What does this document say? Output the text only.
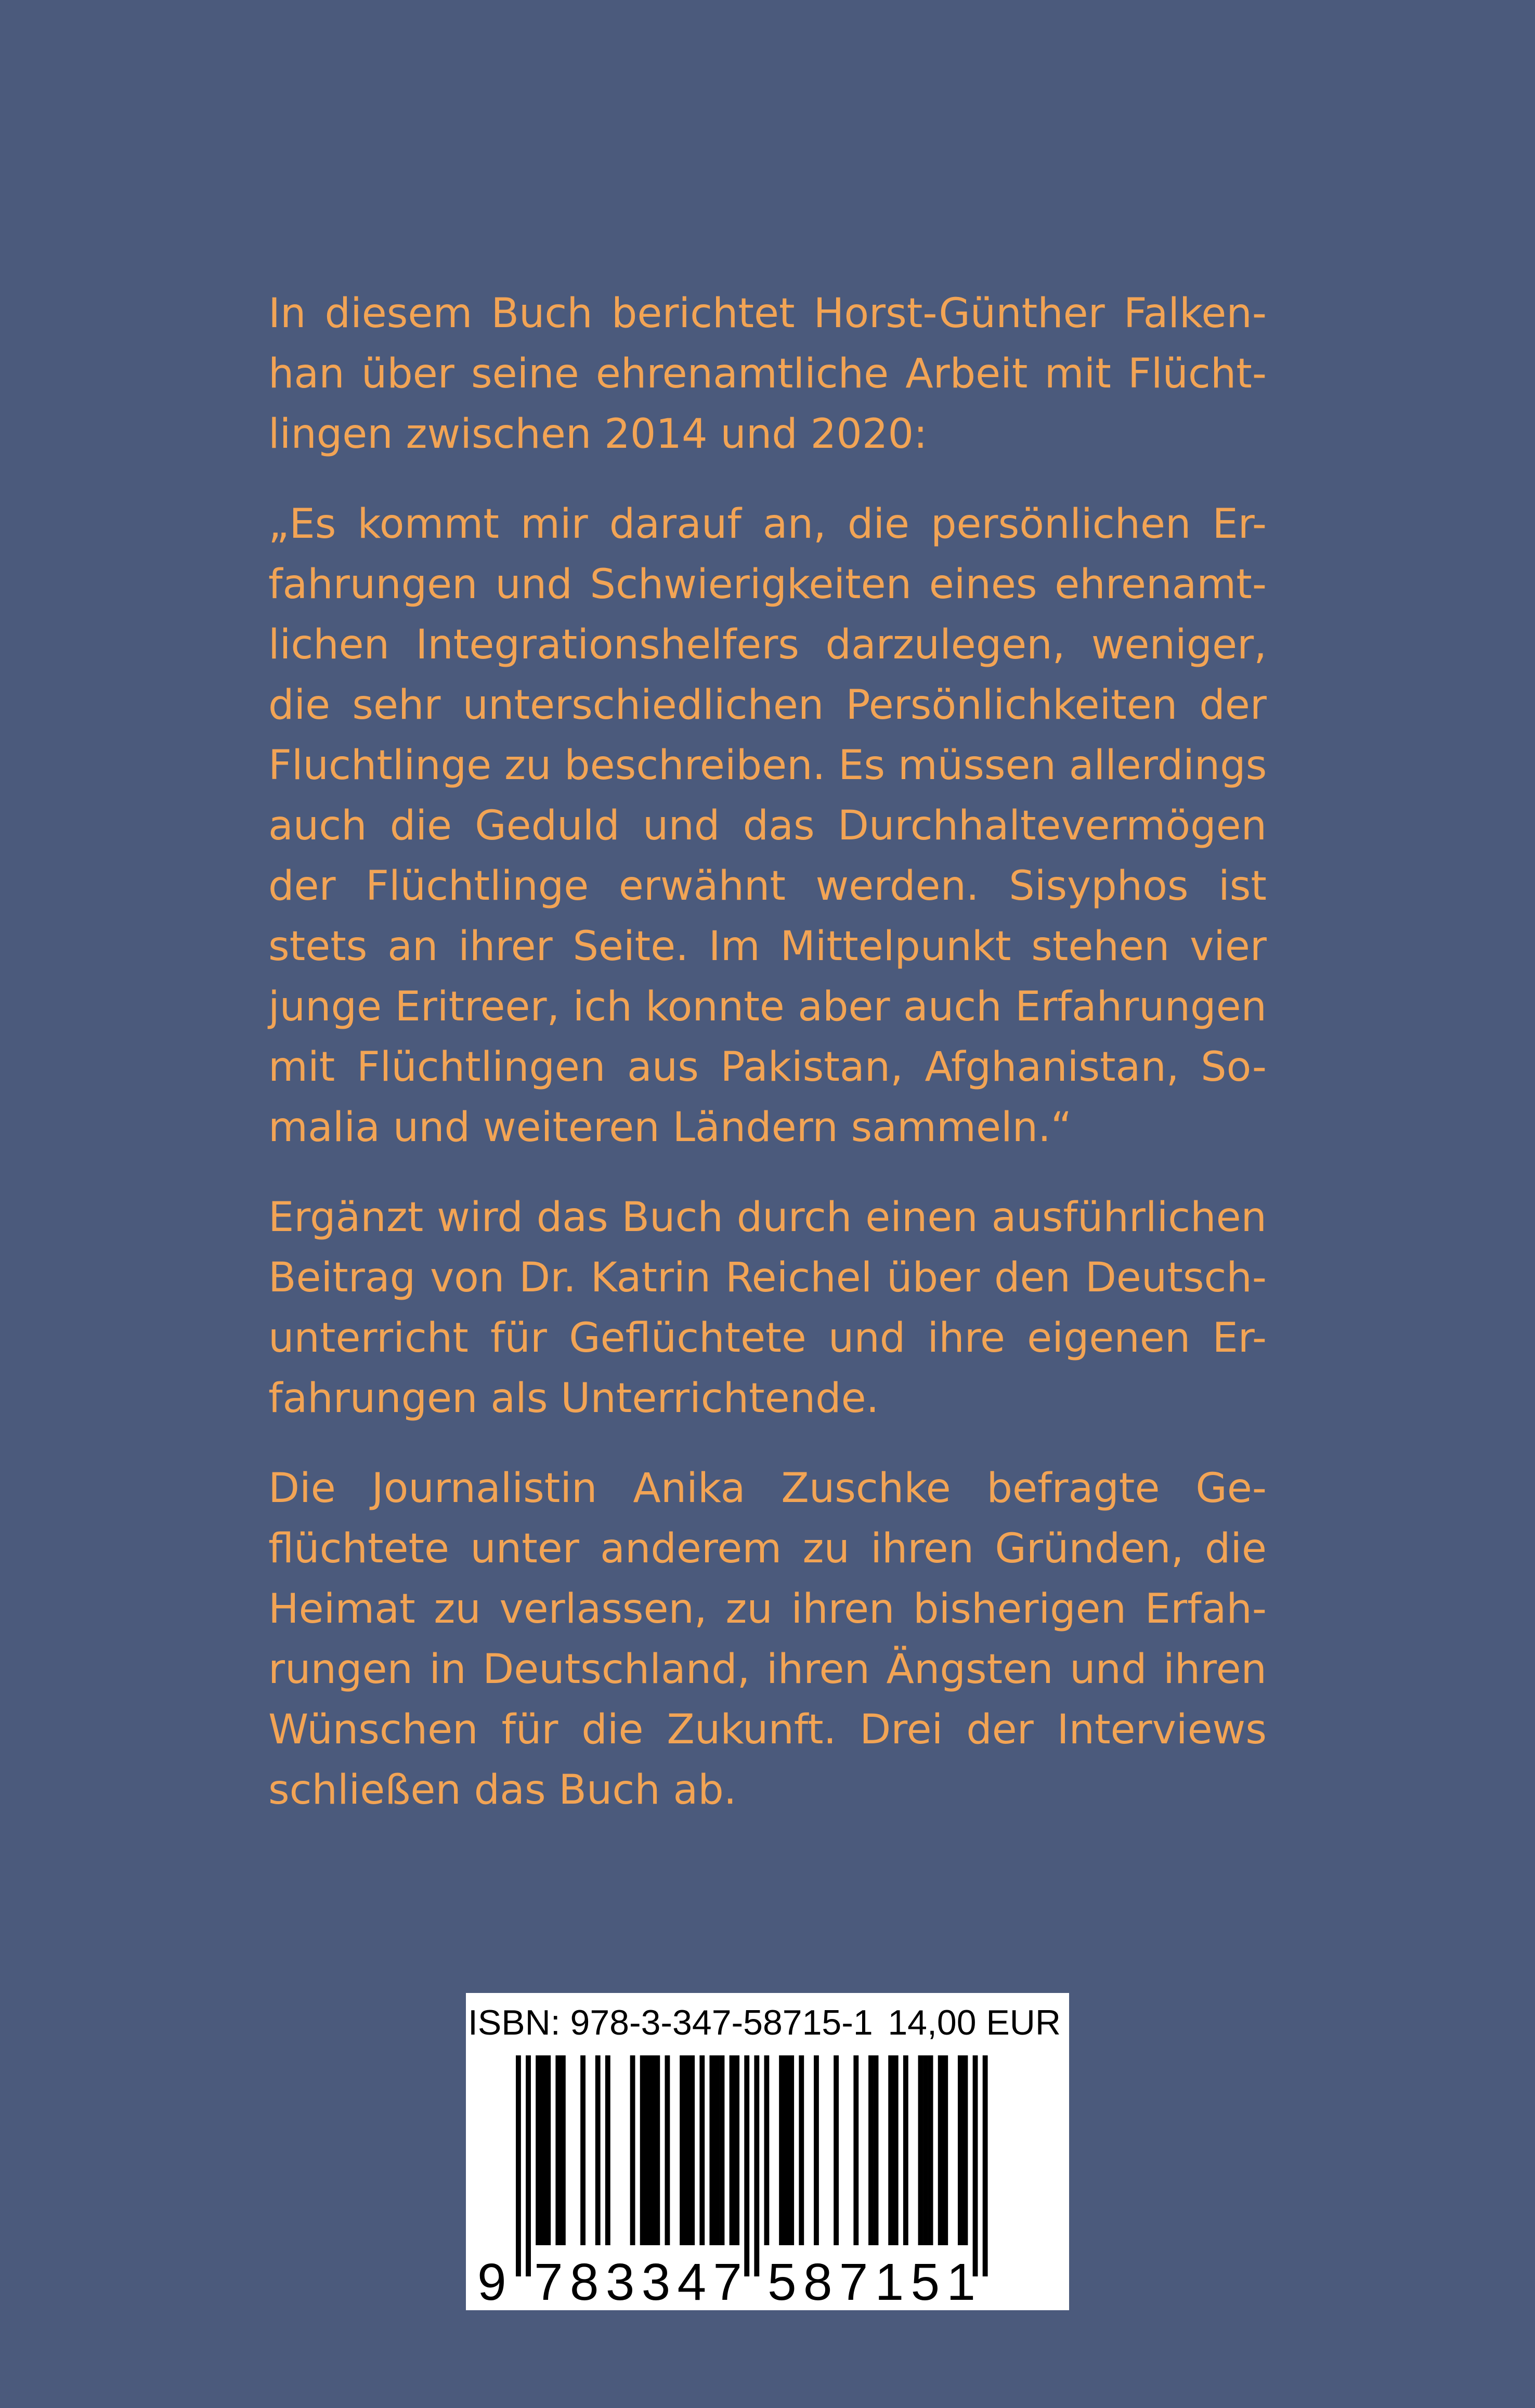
In diesem Buch berichtet Horst-Günther Falken-
han über seine ehrenamtliche Arbeit mit Flücht-
lingen zwischen 2014 und 2020:

„Es kommt mir darauf an, die persönlichen Er-
fahrungen und Schwierigkeiten eines ehrenamt-
lichen Integrationshelfers darzulegen, weniger,
die sehr unterschiedlichen Persönlichkeiten der
Fluchtlinge zu beschreiben. Es müssen allerdings
auch die Geduld und das Durchhaltevermögen
der Flüchtlinge erwähnt werden. Sisyphos ist
stets an ihrer Seite. Im Mittelpunkt stehen vier
junge Eritreer, ich konnte aber auch Erfahrungen
mit Flüchtlingen aus Pakistan, Afghanistan, So-
malia und weiteren Ländern sammeln.“

Ergänzt wird das Buch durch einen ausführlichen
Beitrag von Dr. Katrin Reichel über den Deutsch-
unterricht für Geflüchtete und ihre eigenen Er-
fahrungen als Unterrichtende.

Die Journalistin Anika Zuschke befragte Ge-
flüchtete unter anderem zu ihren Gründen, die
Heimat zu verlassen, zu ihren bisherigen Erfah-
rungen in Deutschland, ihren Ängsten und ihren
Wünschen für die Zukunft. Drei der Interviews
schließen das Buch ab.

ISBN: 978-3-347-58715-1 14,00 EUR
9 783347 587151
